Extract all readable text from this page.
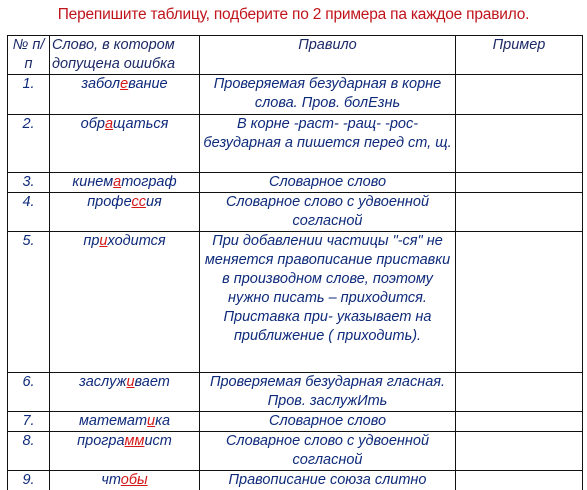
Перепишите таблицу, подберите по 2 примера па каждое правило.
№ п/п	Слово, в котором допущена ошибка	Правило	Пример
1.	заболевание	Проверяемая безударная в корне слова. Пров. болЕзнь	
2.	обращаться	В корне -раст- -ращ- -рос- безударная а пишется перед ст, щ.	
3.	кинематограф	Словарное слово	
4.	профессия	Словарное слово с удвоенной согласной	
5.	приходится	При добавлении частицы "-ся" не меняется правописание приставки в производном слове, поэтому нужно писать – приходится. Приставка при- указывает на приближение ( приходить).	
6.	заслуживает	Проверяемая безударная гласная. Пров. заслужИть	
7.	математика	Словарное слово	
8.	программист	Словарное слово с удвоенной согласной	
9.	чтобы	Правописание союза слитно	
